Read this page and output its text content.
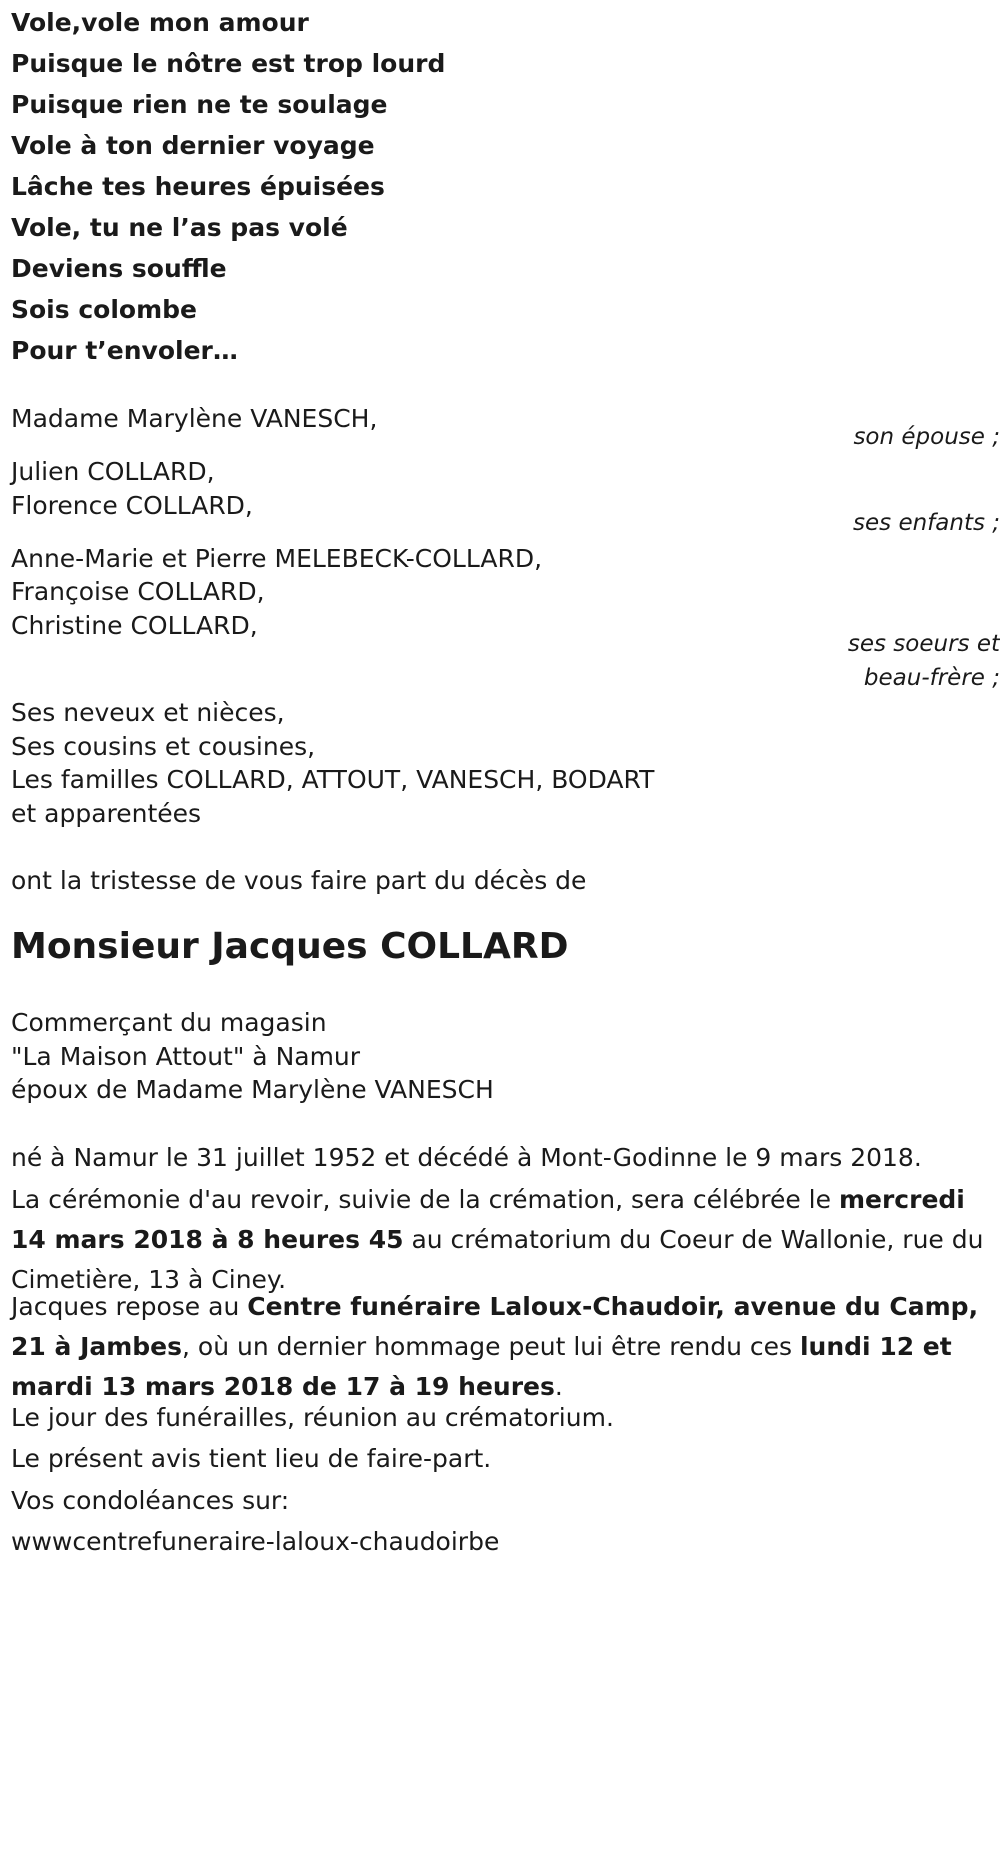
Vole,vole mon amour
Puisque le nôtre est trop lourd
Puisque rien ne te soulage
Vole à ton dernier voyage
Lâche tes heures épuisées
Vole, tu ne l’as pas volé
Deviens souffle
Sois colombe
Pour t’envoler…
Madame Marylène VANESCH,
son épouse ;
Julien COLLARD,
Florence COLLARD,
ses enfants ;
Anne-Marie et Pierre MELEBECK-COLLARD,
Françoise COLLARD,
Christine COLLARD,
ses soeurs et
beau-frère ;
Ses neveux et nièces,
Ses cousins et cousines,
Les familles COLLARD, ATTOUT, VANESCH, BODART
et apparentées
ont la tristesse de vous faire part du décès de
Monsieur Jacques COLLARD
Commerçant du magasin
"La Maison Attout" à Namur
époux de Madame Marylène VANESCH
né à Namur le 31 juillet 1952 et décédé à Mont-Godinne le 9 mars 2018.
La cérémonie d'au revoir, suivie de la crémation, sera célébrée le mercredi 14 mars 2018 à 8 heures 45 au crématorium du Coeur de Wallonie, rue du Cimetière, 13 à Ciney.
Jacques repose au Centre funéraire Laloux-Chaudoir, avenue du Camp, 21 à Jambes, où un dernier hommage peut lui être rendu ces lundi 12 et mardi 13 mars 2018 de 17 à 19 heures.
Le jour des funérailles, réunion au crématorium.
Le présent avis tient lieu de faire-part.
Vos condoléances sur:
wwwcentrefuneraire-laloux-chaudoirbe
